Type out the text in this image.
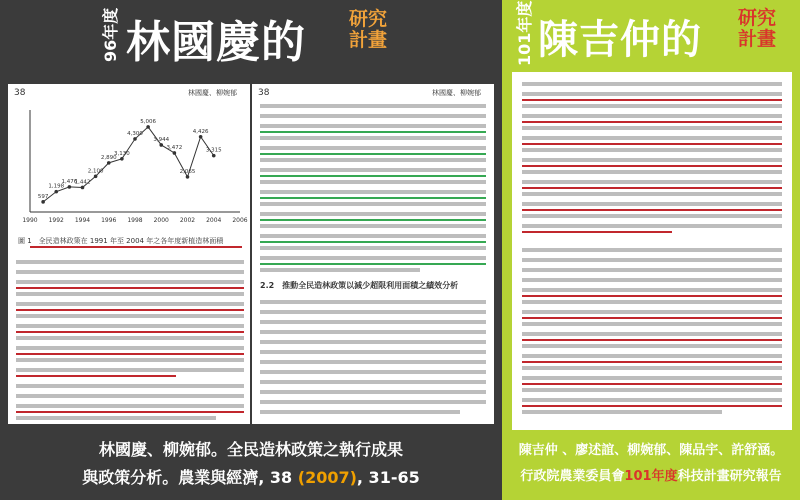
96年度 林國慶的 研究
計畫
38	林國慶、柳婉郁
1990 1992 1994 1996 1998 2000 2002 2004 2006
597
1,198
1,476
1,442
2,100
2,890
3,130
4,300
5,006
3,944
3,472
2,065
4,426
3,315
圖 1　全民造林政策在 1991 年至 2004 年之各年度新植造林面積
38	林國慶、柳婉郁
2.2　推動全民造林政策以減少超限利用面積之績效分析
林國慶、柳婉郁。全民造林政策之執行成果
與政策分析。農業與經濟, 38 (2007), 31-65
101年度 陳吉仲的 研究
計畫
陳吉仲 、廖述誼、柳婉郁、陳品宇、許舒涵。
行政院農業委員會101年度科技計畫研究報告
